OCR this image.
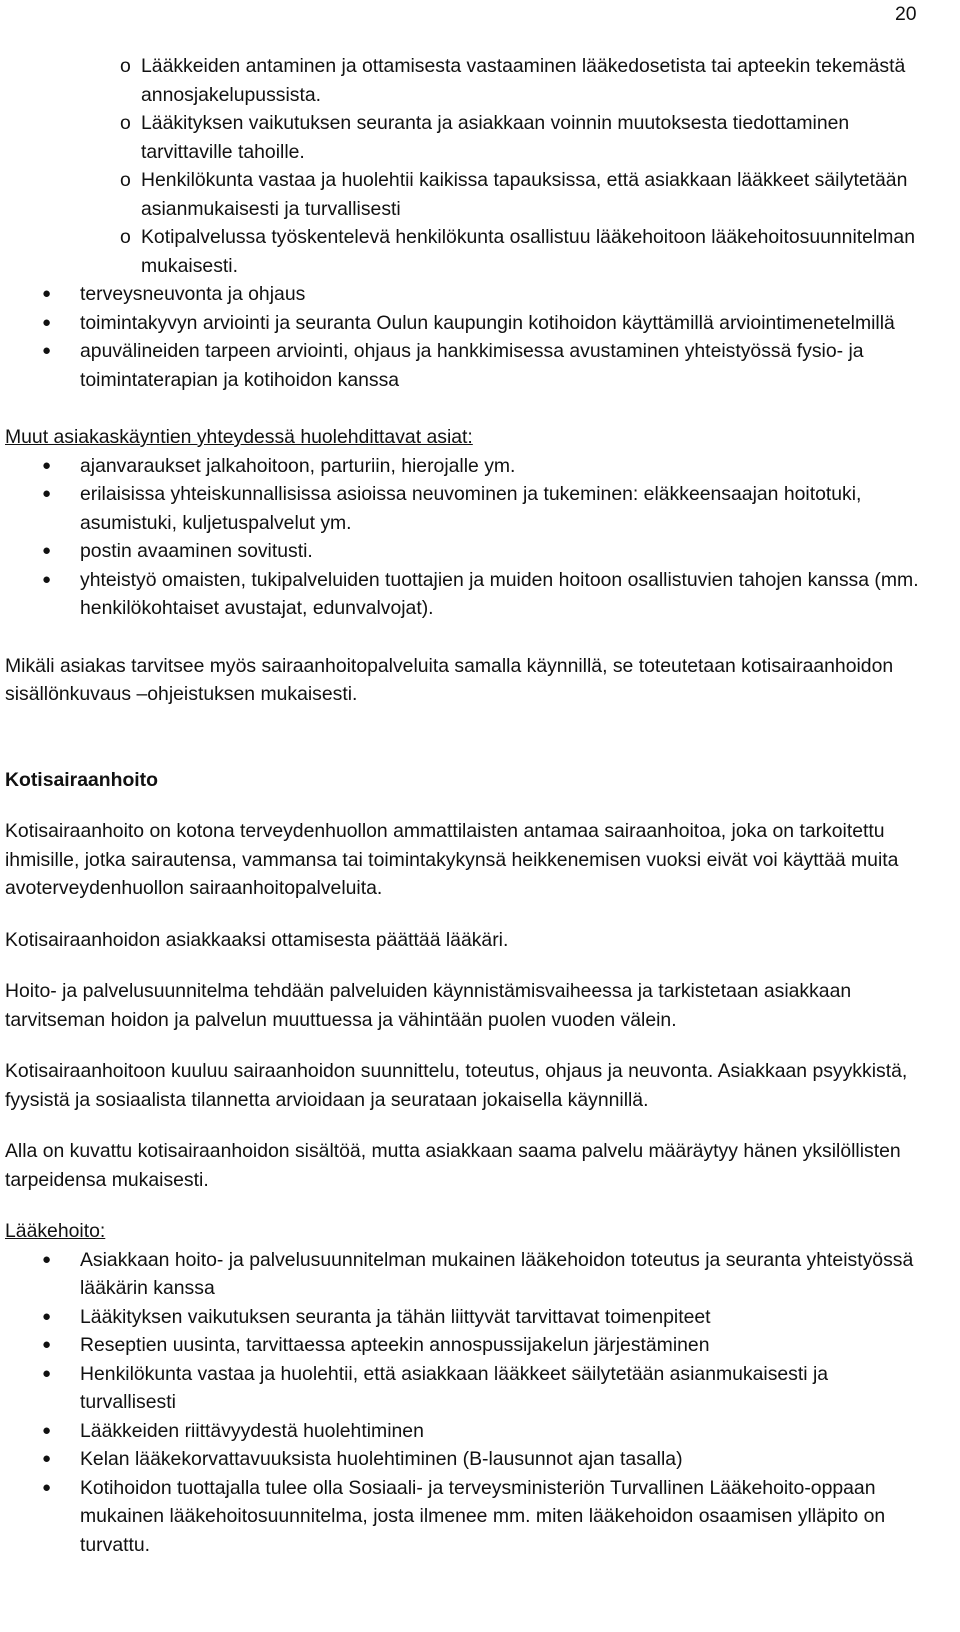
20
o Lääkkeiden antaminen ja ottamisesta vastaaminen lääkedosetista tai apteekin tekemästä annosjakelupussista.
o Lääkityksen vaikutuksen seuranta ja asiakkaan voinnin muutoksesta tiedottaminen tarvittaville tahoille.
o Henkilökunta vastaa ja huolehtii kaikissa tapauksissa, että asiakkaan lääkkeet säilytetään asianmukaisesti ja turvallisesti
o Kotipalvelussa työskentelevä henkilökunta osallistuu lääkehoitoon lääkehoitosuunnitelman mukaisesti.
● terveysneuvonta ja ohjaus
● toimintakyvyn arviointi ja seuranta Oulun kaupungin kotihoidon käyttämillä arviointimenetelmillä
● apuvälineiden tarpeen arviointi, ohjaus ja hankkimisessa avustaminen yhteistyössä fysio- ja toimintaterapian ja kotihoidon kanssa

Muut asiakaskäyntien yhteydessä huolehdittavat asiat:

● ajanvaraukset jalkahoitoon, parturiin, hierojalle ym.
● erilaisissa yhteiskunnallisissa asioissa neuvominen ja tukeminen: eläkkeensaajan hoitotuki, asumistuki, kuljetuspalvelut ym.
● postin avaaminen sovitusti.
● yhteistyö omaisten, tukipalveluiden tuottajien ja muiden hoitoon osallistuvien tahojen kanssa (mm. henkilökohtaiset avustajat, edunvalvojat).

Mikäli asiakas tarvitsee myös sairaanhoitopalveluita samalla käynnillä, se toteutetaan kotisairaanhoidon sisällönkuvaus –ohjeistuksen mukaisesti.

Kotisairaanhoito

Kotisairaanhoito on kotona terveydenhuollon ammattilaisten antamaa sairaanhoitoa, joka on tarkoitettu ihmisille, jotka sairautensa, vammansa tai toimintakykynsä heikkenemisen vuoksi eivät voi käyttää muita avoterveydenhuollon sairaanhoitopalveluita.

Kotisairaanhoidon asiakkaaksi ottamisesta päättää lääkäri.

Hoito- ja palvelusuunnitelma tehdään palveluiden käynnistämisvaiheessa ja tarkistetaan asiakkaan tarvitseman hoidon ja palvelun muuttuessa ja vähintään puolen vuoden välein.

Kotisairaanhoitoon kuuluu sairaanhoidon suunnittelu, toteutus, ohjaus ja neuvonta. Asiakkaan psyykkistä, fyysistä ja sosiaalista tilannetta arvioidaan ja seurataan jokaisella käynnillä.

Alla on kuvattu kotisairaanhoidon sisältöä, mutta asiakkaan saama palvelu määräytyy hänen yksilöllisten tarpeidensa mukaisesti.

Lääkehoito:

● Asiakkaan hoito- ja palvelusuunnitelman mukainen lääkehoidon toteutus ja seuranta yhteistyössä lääkärin kanssa
● Lääkityksen vaikutuksen seuranta ja tähän liittyvät tarvittavat toimenpiteet
● Reseptien uusinta, tarvittaessa apteekin annospussijakelun järjestäminen
● Henkilökunta vastaa ja huolehtii, että asiakkaan lääkkeet säilytetään asianmukaisesti ja turvallisesti
● Lääkkeiden riittävyydestä huolehtiminen
● Kelan lääkekorvattavuuksista huolehtiminen (B-lausunnot ajan tasalla)
● Kotihoidon tuottajalla tulee olla Sosiaali- ja terveysministeriön Turvallinen Lääkehoito-oppaan mukainen lääkehoitosuunnitelma, josta ilmenee mm. miten lääkehoidon osaamisen ylläpito on turvattu.
